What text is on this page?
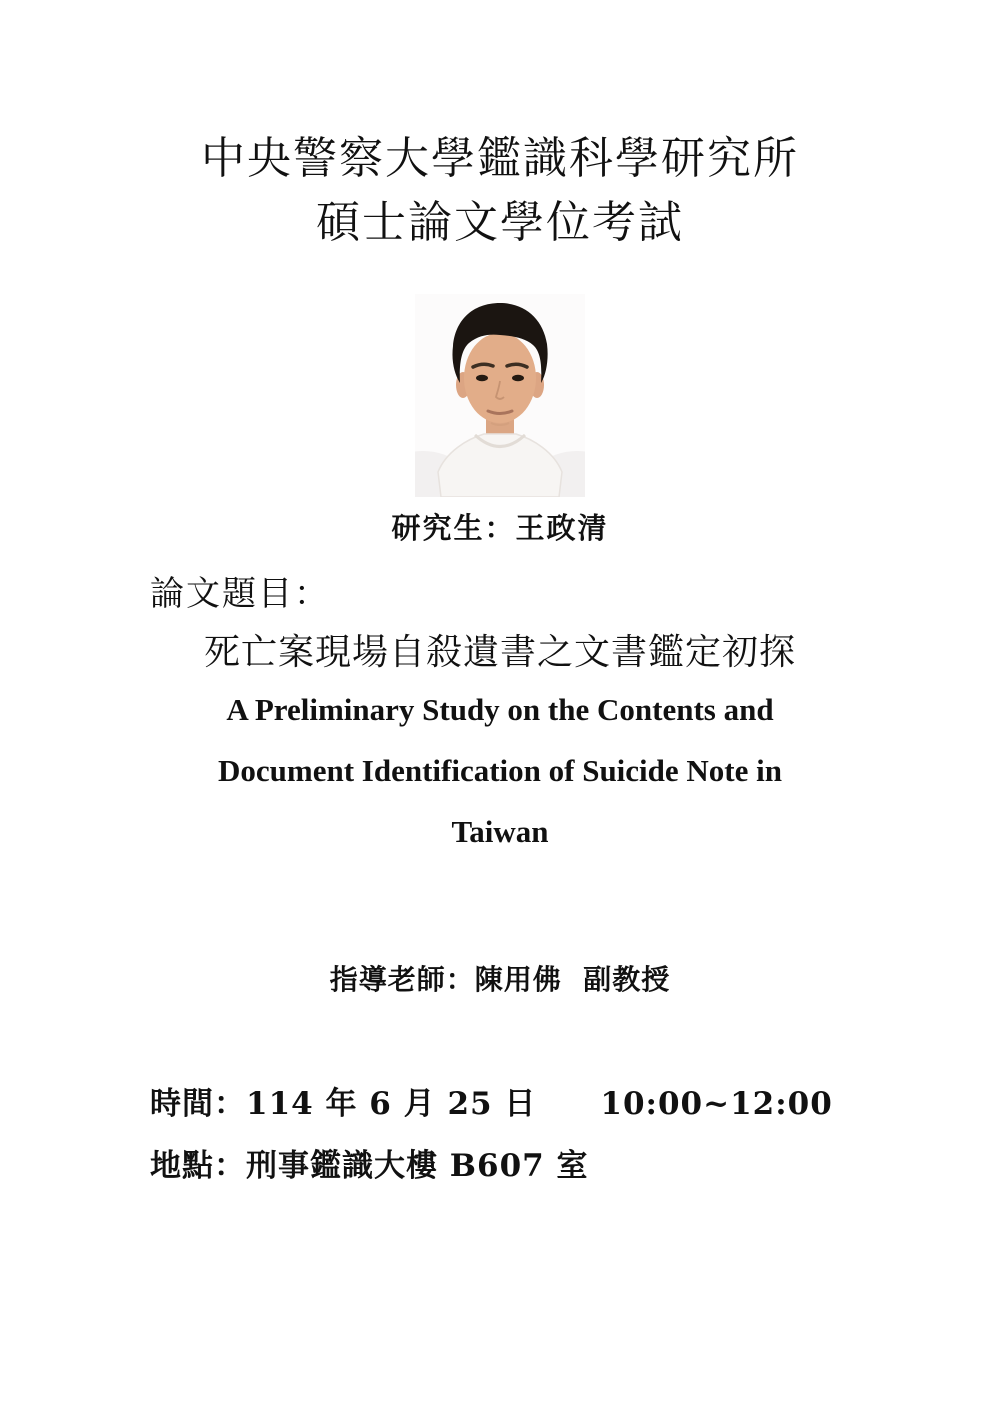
中央警察大學鑑識科學研究所
碩士論文學位考試
研究生：王政清
論文題目：
死亡案現場自殺遺書之文書鑑定初探
A Preliminary Study on the Contents and
Document Identification of Suicide Note in
Taiwan
指導老師：陳用佛  副教授
時間：114 年 6 月 25 日　　10:00~12:00
地點：刑事鑑識大樓 B607 室
